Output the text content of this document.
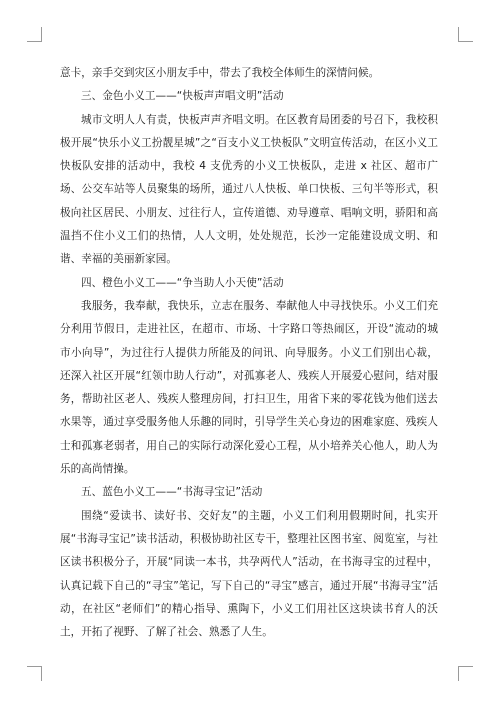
意卡，亲手交到灾区小朋友手中，带去了我校全体师生的深情问候。

三、金色小义工——“快板声声唱文明”活动

城市文明人人有责，快板声声齐唱文明。在区教育局团委的号召下，我校积极开展“快乐小义工扮靓星城”之“百支小义工快板队”文明宣传活动，在区小义工快板队安排的活动中，我校 4 支优秀的小义工快板队，走进 x 社区、超市广场、公交车站等人员聚集的场所，通过八人快板、单口快板、三句半等形式，积极向社区居民、小朋友、过往行人，宣传道德、劝导遵章、唱响文明，骄阳和高温挡不住小义工们的热情，人人文明，处处规范，长沙一定能建设成文明、和谐、幸福的美丽新家园。

四、橙色小义工——“争当助人小天使”活动

我服务，我奉献，我快乐，立志在服务、奉献他人中寻找快乐。小义工们充分利用节假日，走进社区，在超市、市场、十字路口等热闹区，开设“流动的城市小向导”，为过往行人提供力所能及的问讯、向导服务。小义工们别出心裁，还深入社区开展“红领巾助人行动”，对孤寡老人、残疾人开展爱心慰问，结对服务，帮助社区老人、残疾人整理房间，打扫卫生，用省下来的零花钱为他们送去水果等，通过享受服务他人乐趣的同时，引导学生关心身边的困难家庭、残疾人士和孤寡老弱者，用自己的实际行动深化爱心工程，从小培养关心他人，助人为乐的高尚情操。

五、蓝色小义工——“书海寻宝记”活动

围绕“爱读书、读好书、交好友”的主题，小义工们利用假期时间，扎实开展“书海寻宝记”读书活动，积极协助社区专干，整理社区图书室、阅览室，与社区读书积极分子，开展“同读一本书，共孕两代人”活动，在书海寻宝的过程中，认真记载下自己的“寻宝”笔记，写下自己的“寻宝”感言，通过开展“书海寻宝”活动，在社区“老师们”的精心指导、熏陶下，小义工们用社区这块读书育人的沃土，开拓了视野、了解了社会、熟悉了人生。
